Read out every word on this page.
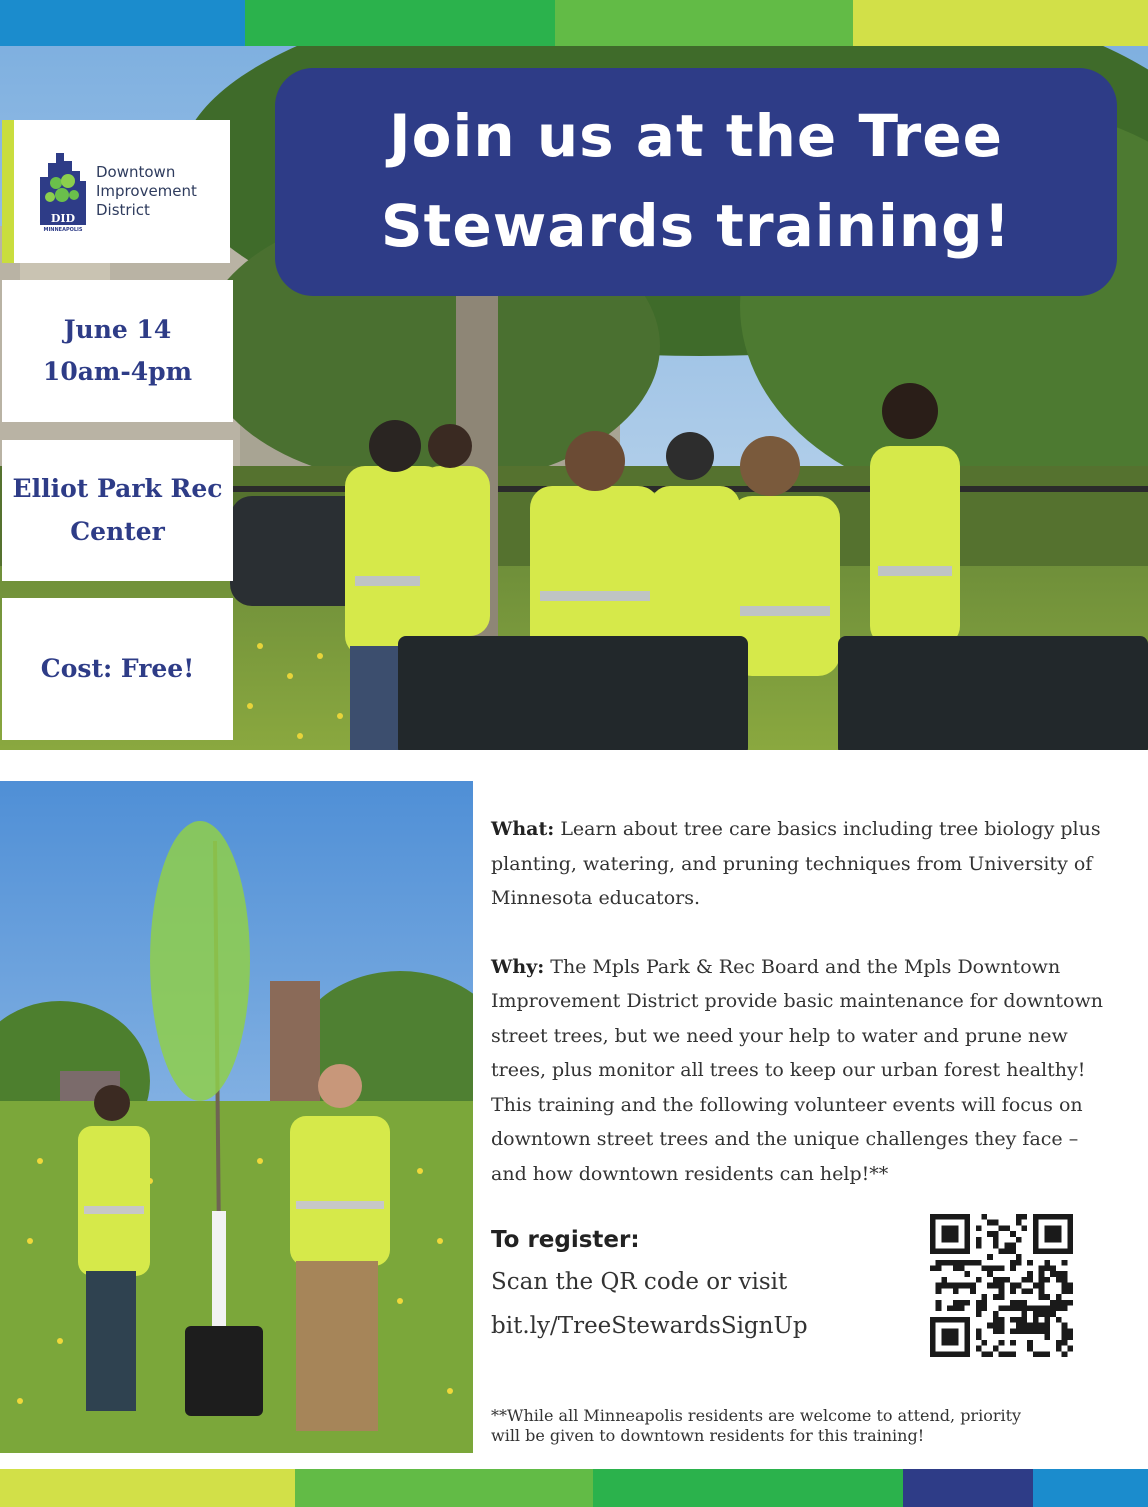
Join us at the Tree
Stewards training!
DID
MINNEAPOLIS
Downtown
Improvement
District
June 14
10am-4pm
Elliot Park Rec
Center
Cost: Free!

What: Learn about tree care basics including tree biology plus planting, watering, and pruning techniques from University of Minnesota educators.

Why: The Mpls Park & Rec Board and the Mpls Downtown Improvement District provide basic maintenance for downtown street trees, but we need your help to water and prune new trees, plus monitor all trees to keep our urban forest healthy! This training and the following volunteer events will focus on downtown street trees and the unique challenges they face – and how downtown residents can help!**

To register:
Scan the QR code or visit
bit.ly/TreeStewardsSignUp
**While all Minneapolis residents are welcome to attend, priority will be given to downtown residents for this training!
